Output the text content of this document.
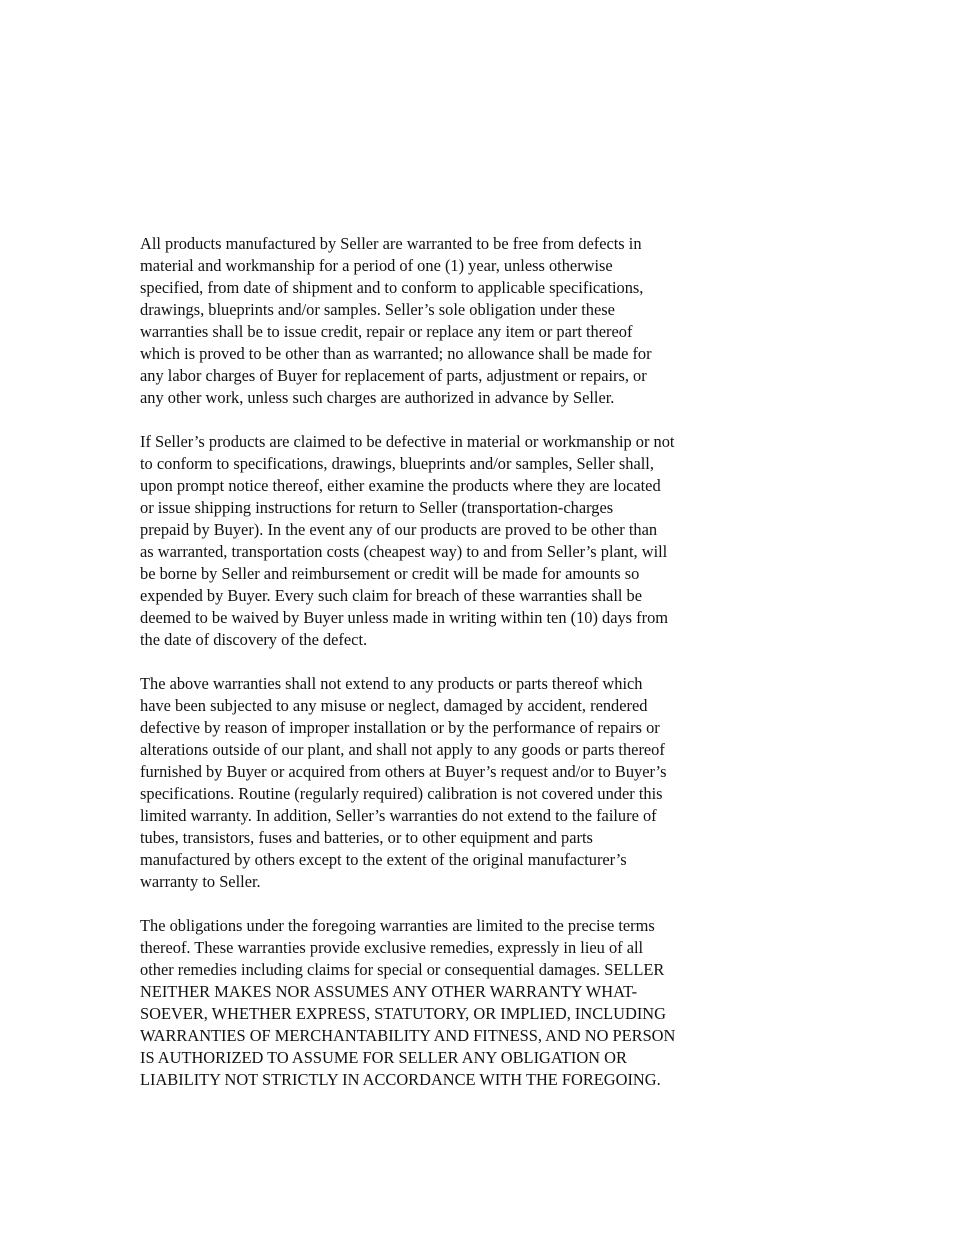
All products manufactured by Seller are warranted to be free from defects in
material and workmanship for a period of one (1) year, unless otherwise
specified, from date of shipment and to conform to applicable specifications,
drawings, blueprints and/or samples. Seller’s sole obligation under these
warranties shall be to issue credit, repair or replace any item or part thereof
which is proved to be other than as warranted; no allowance shall be made for
any labor charges of Buyer for replacement of parts, adjustment or repairs, or
any other work, unless such charges are authorized in advance by Seller.

If Seller’s products are claimed to be defective in material or workmanship or not
to conform to specifications, drawings, blueprints and/or samples, Seller shall,
upon prompt notice thereof, either examine the products where they are located
or issue shipping instructions for return to Seller (transportation-charges
prepaid by Buyer). In the event any of our products are proved to be other than
as warranted, transportation costs (cheapest way) to and from Seller’s plant, will
be borne by Seller and reimbursement or credit will be made for amounts so
expended by Buyer. Every such claim for breach of these warranties shall be
deemed to be waived by Buyer unless made in writing within ten (10) days from
the date of discovery of the defect.

The above warranties shall not extend to any products or parts thereof which
have been subjected to any misuse or neglect, damaged by accident, rendered
defective by reason of improper installation or by the performance of repairs or
alterations outside of our plant, and shall not apply to any goods or parts thereof
furnished by Buyer or acquired from others at Buyer’s request and/or to Buyer’s
specifications. Routine (regularly required) calibration is not covered under this
limited warranty. In addition, Seller’s warranties do not extend to the failure of
tubes, transistors, fuses and batteries, or to other equipment and parts
manufactured by others except to the extent of the original manufacturer’s
warranty to Seller.

The obligations under the foregoing warranties are limited to the precise terms
thereof. These warranties provide exclusive remedies, expressly in lieu of all
other remedies including claims for special or consequential damages. SELLER
NEITHER MAKES NOR ASSUMES ANY OTHER WARRANTY WHAT-
SOEVER, WHETHER EXPRESS, STATUTORY, OR IMPLIED, INCLUDING
WARRANTIES OF MERCHANTABILITY AND FITNESS, AND NO PERSON
IS AUTHORIZED TO ASSUME FOR SELLER ANY OBLIGATION OR
LIABILITY NOT STRICTLY IN ACCORDANCE WITH THE FOREGOING.
